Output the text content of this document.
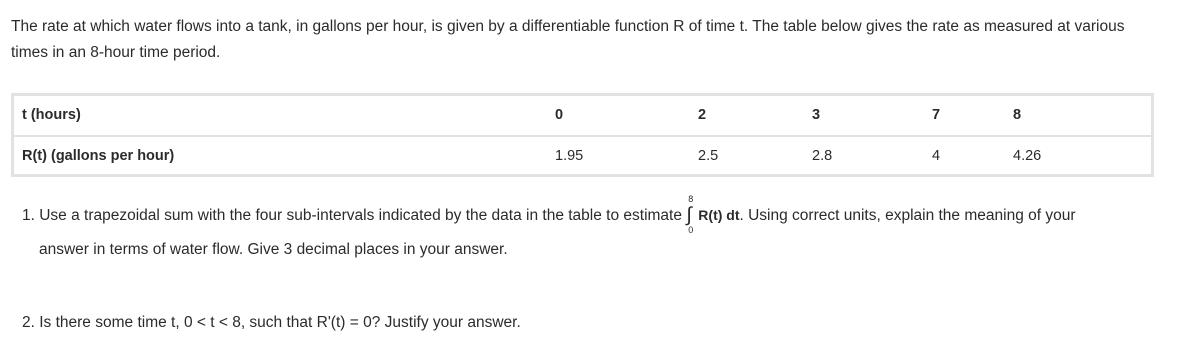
The rate at which water flows into a tank, in gallons per hour, is given by a differentiable function R of time t. The table below gives the rate as measured at various times in an 8-hour time period.

t (hours)	0	2	3	7	8
R(t) (gallons per hour)	1.95	2.5	2.8	4	4.26
1. Use a trapezoidal sum with the four sub-intervals indicated by the data in the table to estimate
8
∫
0
R(t) dt. Using correct units, explain the meaning of your
answer in terms of water flow. Give 3 decimal places in your answer.
2. Is there some time t, 0 < t < 8, such that R'(t) = 0? Justify your answer.
